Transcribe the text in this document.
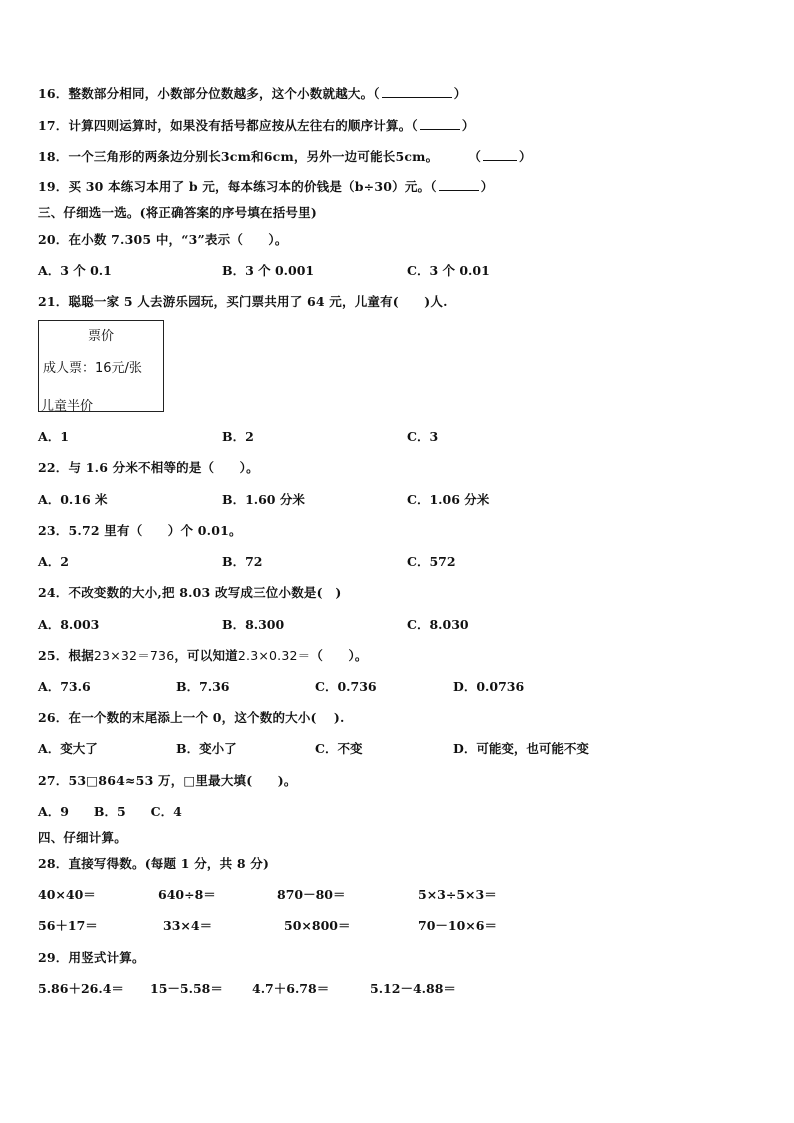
16．整数部分相同，小数部分位数越多，这个小数就越大。（	）
17．计算四则运算时，如果没有括号都应按从左往右的顺序计算。（	）
18．一个三角形的两条边分别长3cm和6cm，另外一边可能长5cm。 （	）
19．买 30 本练习本用了 b 元，每本练习本的价钱是（b÷30）元。（	）
三、仔细选一选。(将正确答案的序号填在括号里)
20．在小数 7.305 中，“3”表示（　　）。
A．3 个 0.1	B．3 个 0.001	C．3 个 0.01
21．聪聪一家 5 人去游乐园玩，买门票共用了 64 元，儿童有(　　)人.
票价
成人票：16元/张
儿童半价
A．1	B．2	C．3
22．与 1.6 分米不相等的是（　　）。
A．0.16 米	B．1.60 分米	C．1.06 分米
23．5.72 里有（　　）个 0.01。
A．2	B．72	C．572
24．不改变数的大小,把 8.03 改写成三位小数是(　)
A．8.003	B．8.300	C．8.030
25．根据23×32＝736，可以知道2.3×0.32＝（　　）。
A．73.6	B．7.36	C．0.736	D．0.0736
26．在一个数的末尾添上一个 0，这个数的大小(　 ).
A．变大了	B．变小了	C．不变	D．可能变，也可能不变
27．53□864≈53 万，□里最大填(　　)。
A．9　　B．5　　C．4
四、仔细计算。
28．直接写得数。(每题 1 分，共 8 分)
40×40＝	640÷8＝	870－80＝	5×3÷5×3＝
56＋17＝	33×4＝	50×800＝	70－10×6＝
29．用竖式计算。
5.86＋26.4＝ 15－5.58＝ 4.7＋6.78＝	5.12－4.88＝
